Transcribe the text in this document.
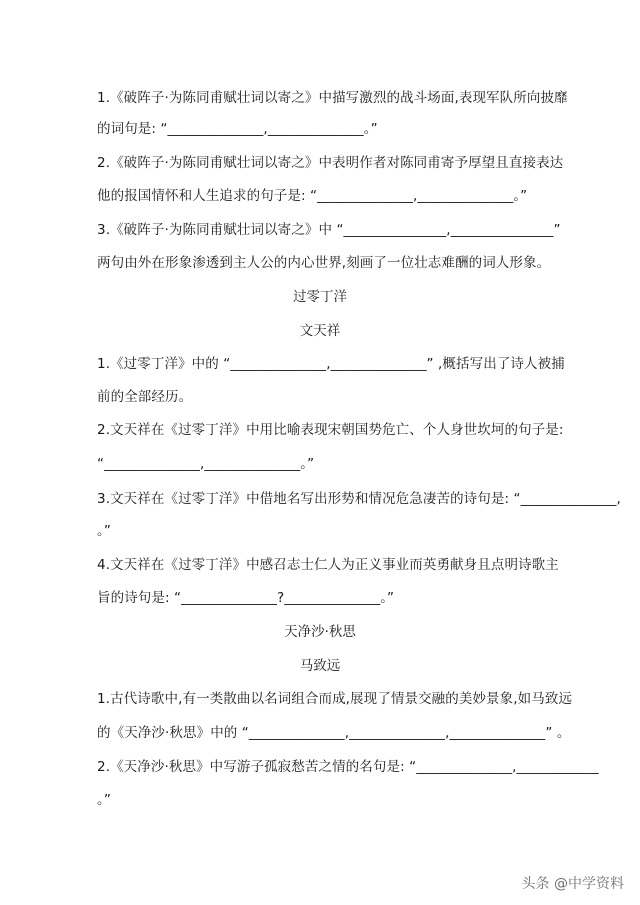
1.《破阵子·为陈同甫赋壮词以寄之》中描写激烈的战斗场面,表现军队所向披靡
的词句是: “______________,______________。”
2.《破阵子·为陈同甫赋壮词以寄之》中表明作者对陈同甫寄予厚望且直接表达
他的报国情怀和人生追求的句子是: “______________,______________。”
3.《破阵子·为陈同甫赋壮词以寄之》中 “_______________,_______________”
两句由外在形象渗透到主人公的内心世界,刻画了一位壮志难酬的词人形象。
过零丁洋
文天祥
1.《过零丁洋》中的 “______________,______________” ,概括写出了诗人被捕
前的全部经历。
2.文天祥在《过零丁洋》中用比喻表现宋朝国势危亡、个人身世坎坷的句子是:
“______________,______________。”
3.文天祥在《过零丁洋》中借地名写出形势和情况危急凄苦的诗句是: “______________,
。”
4.文天祥在《过零丁洋》中感召志士仁人为正义事业而英勇献身且点明诗歌主
旨的诗句是: “______________?______________。”
天净沙·秋思
马致远
1.古代诗歌中,有一类散曲以名词组合而成,展现了情景交融的美妙景象,如马致远
的《天净沙·秋思》中的 “______________,______________,______________” 。
2.《天净沙·秋思》中写游子孤寂愁苦之情的名句是: “______________,____________
。”
头条 @中学资料
